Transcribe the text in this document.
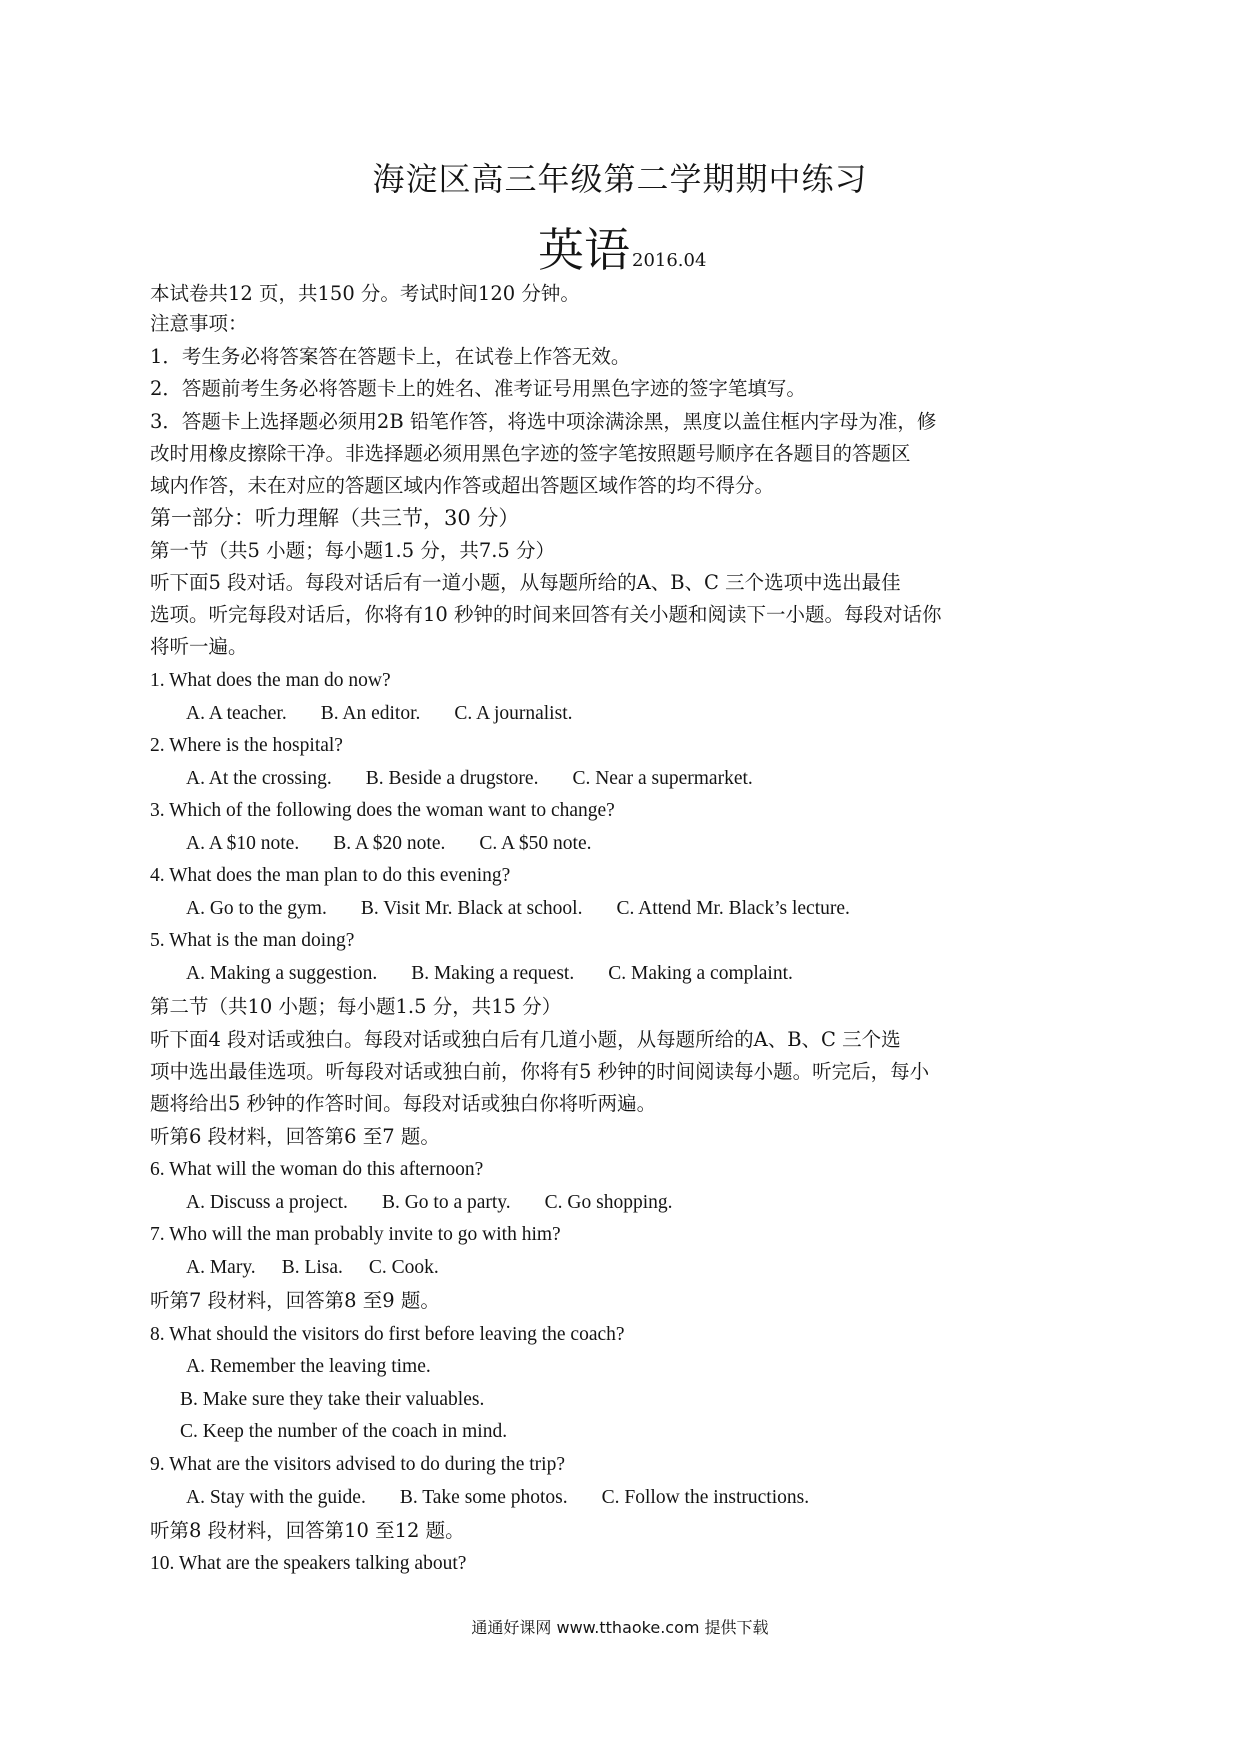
海淀区高三年级第二学期期中练习
英语 2016.04
本试卷共12 页，共150 分。考试时间120 分钟。
注意事项：
1．考生务必将答案答在答题卡上，在试卷上作答无效。
2．答题前考生务必将答题卡上的姓名、准考证号用黑色字迹的签字笔填写。
3．答题卡上选择题必须用2B 铅笔作答，将选中项涂满涂黑，黑度以盖住框内字母为准，修
改时用橡皮擦除干净。非选择题必须用黑色字迹的签字笔按照题号顺序在各题目的答题区
域内作答，未在对应的答题区域内作答或超出答题区域作答的均不得分。
第一部分：听力理解（共三节，30 分）
第一节（共5 小题；每小题1.5 分，共7.5 分）
听下面5 段对话。每段对话后有一道小题，从每题所给的A、B、C 三个选项中选出最佳
选项。听完每段对话后，你将有10 秒钟的时间来回答有关小题和阅读下一小题。每段对话你
将听一遍。
1. What does the man do now?
A. A teacher. B. An editor. C. A journalist.
2. Where is the hospital?
A. At the crossing. B. Beside a drugstore. C. Near a supermarket.
3. Which of the following does the woman want to change?
A. A $10 note. B. A $20 note. C. A $50 note.
4. What does the man plan to do this evening?
A. Go to the gym. B. Visit Mr. Black at school. C. Attend Mr. Black’s lecture.
5. What is the man doing?
A. Making a suggestion. B. Making a request. C. Making a complaint.
第二节（共10 小题；每小题1.5 分，共15 分）
听下面4 段对话或独白。每段对话或独白后有几道小题，从每题所给的A、B、C 三个选
项中选出最佳选项。听每段对话或独白前，你将有5 秒钟的时间阅读每小题。听完后，每小
题将给出5 秒钟的作答时间。每段对话或独白你将听两遍。
听第6 段材料，回答第6 至7 题。
6. What will the woman do this afternoon?
A. Discuss a project. B. Go to a party. C. Go shopping.
7. Who will the man probably invite to go with him?
A. Mary. B. Lisa. C. Cook.
听第7 段材料，回答第8 至9 题。
8. What should the visitors do first before leaving the coach?
A. Remember the leaving time.
B. Make sure they take their valuables.
C. Keep the number of the coach in mind.
9. What are the visitors advised to do during the trip?
A. Stay with the guide. B. Take some photos. C. Follow the instructions.
听第8 段材料，回答第10 至12 题。
10. What are the speakers talking about?
通通好课网 www.tthaoke.com 提供下载
